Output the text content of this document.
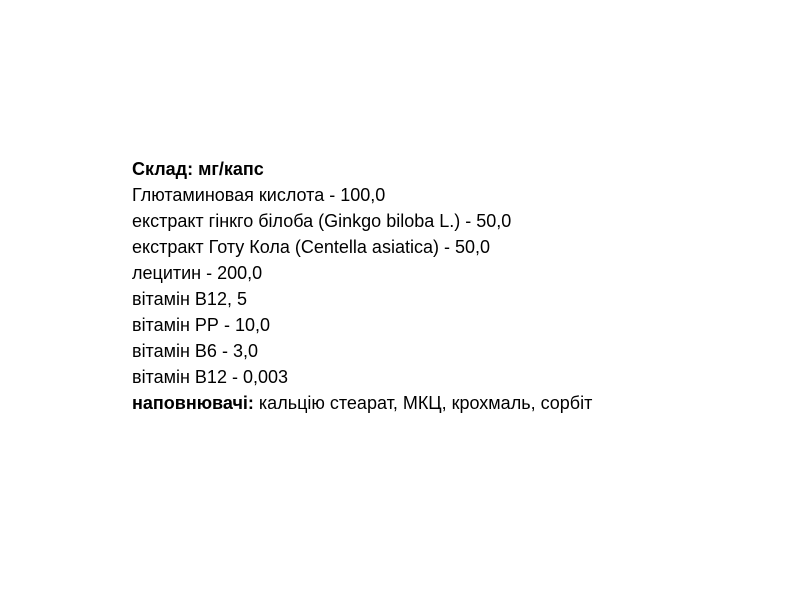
Склад: мг/капс

Глютаминовая кислота - 100,0

екстракт гінкго білоба (Ginkgo biloba L.) - 50,0

екстракт Готу Кола (Centella asiatica) - 50,0

лецитин - 200,0

вітамін В12, 5

вітамін РР - 10,0

вітамін В6 - 3,0

вітамін В12 - 0,003

наповнювачі: кальцію стеарат, МКЦ, крохмаль, сорбіт
